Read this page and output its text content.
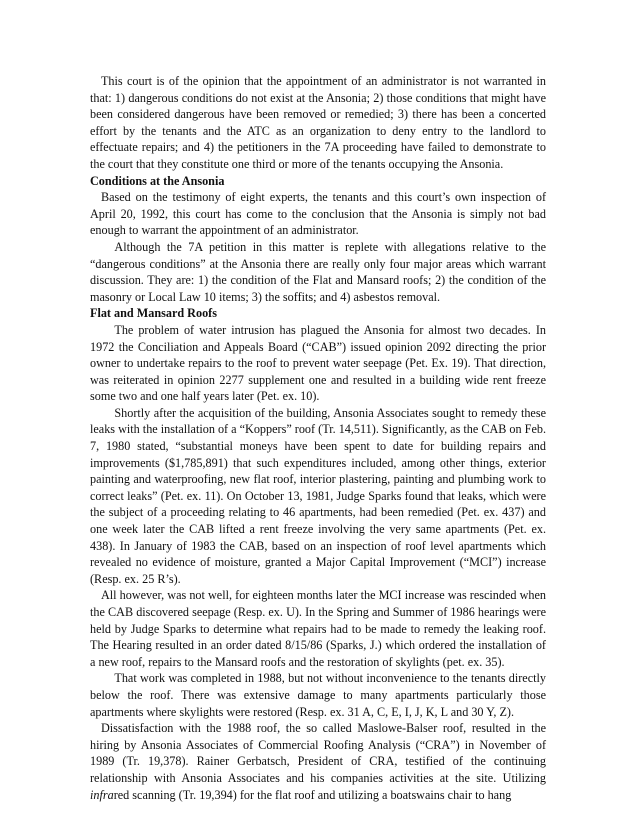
This court is of the opinion that the appointment of an administrator is not warranted in that: 1) dangerous conditions do not exist at the Ansonia; 2) those conditions that might have been considered dangerous have been removed or remedied; 3) there has been a concerted effort by the tenants and the ATC as an organization to deny entry to the landlord to effectuate repairs; and 4) the petitioners in the 7A proceeding have failed to demonstrate to the court that they constitute one third or more of the tenants occupying the Ansonia.

Conditions at the Ansonia

Based on the testimony of eight experts, the tenants and this court’s own inspection of April 20, 1992, this court has come to the conclusion that the Ansonia is simply not bad enough to warrant the appointment of an administrator.

Although the 7A petition in this matter is replete with allegations relative to the “dangerous conditions” at the Ansonia there are really only four major areas which warrant discussion. They are: 1) the condition of the Flat and Mansard roofs; 2) the condition of the masonry or Local Law 10 items; 3) the soffits; and 4) asbestos removal.

Flat and Mansard Roofs

The problem of water intrusion has plagued the Ansonia for almost two decades. In 1972 the Conciliation and Appeals Board (“CAB”) issued opinion 2092 directing the prior owner to undertake repairs to the roof to prevent water seepage (Pet. Ex. 19). That direction, was reiterated in opinion 2277 supplement one and resulted in a building wide rent freeze some two and one half years later (Pet. ex. 10).

Shortly after the acquisition of the building, Ansonia Associates sought to remedy these leaks with the installation of a “Koppers” roof (Tr. 14,511). Significantly, as the CAB on Feb. 7, 1980 stated, “substantial moneys have been spent to date for building repairs and improvements ($1,785,891) that such expenditures included, among other things, exterior painting and waterproofing, new flat roof, interior plastering, painting and plumbing work to correct leaks” (Pet. ex. 11). On October 13, 1981, Judge Sparks found that leaks, which were the subject of a proceeding relating to 46 apartments, had been remedied (Pet. ex. 437) and one week later the CAB lifted a rent freeze involving the very same apartments (Pet. ex. 438). In January of 1983 the CAB, based on an inspection of roof level apartments which revealed no evidence of moisture, granted a Major Capital Improvement (“MCI”) increase (Resp. ex. 25 R’s).

All however, was not well, for eighteen months later the MCI increase was rescinded when the CAB discovered seepage (Resp. ex. U). In the Spring and Summer of 1986 hearings were held by Judge Sparks to determine what repairs had to be made to remedy the leaking roof. The Hearing resulted in an order dated 8/15/86 (Sparks, J.) which ordered the installation of a new roof, repairs to the Mansard roofs and the restoration of skylights (pet. ex. 35).

That work was completed in 1988, but not without inconvenience to the tenants directly below the roof. There was extensive damage to many apartments particularly those apartments where skylights were restored (Resp. ex. 31 A, C, E, I, J, K, L and 30 Y, Z).

Dissatisfaction with the 1988 roof, the so called Maslowe-Balser roof, resulted in the hiring by Ansonia Associates of Commercial Roofing Analysis (“CRA”) in November of 1989 (Tr. 19,378). Rainer Gerbatsch, President of CRA, testified of the continuing relationship with Ansonia Associates and his companies activities at the site. Utilizing infrared scanning (Tr. 19,394) for the flat roof and utilizing a boatswains chair to hang
